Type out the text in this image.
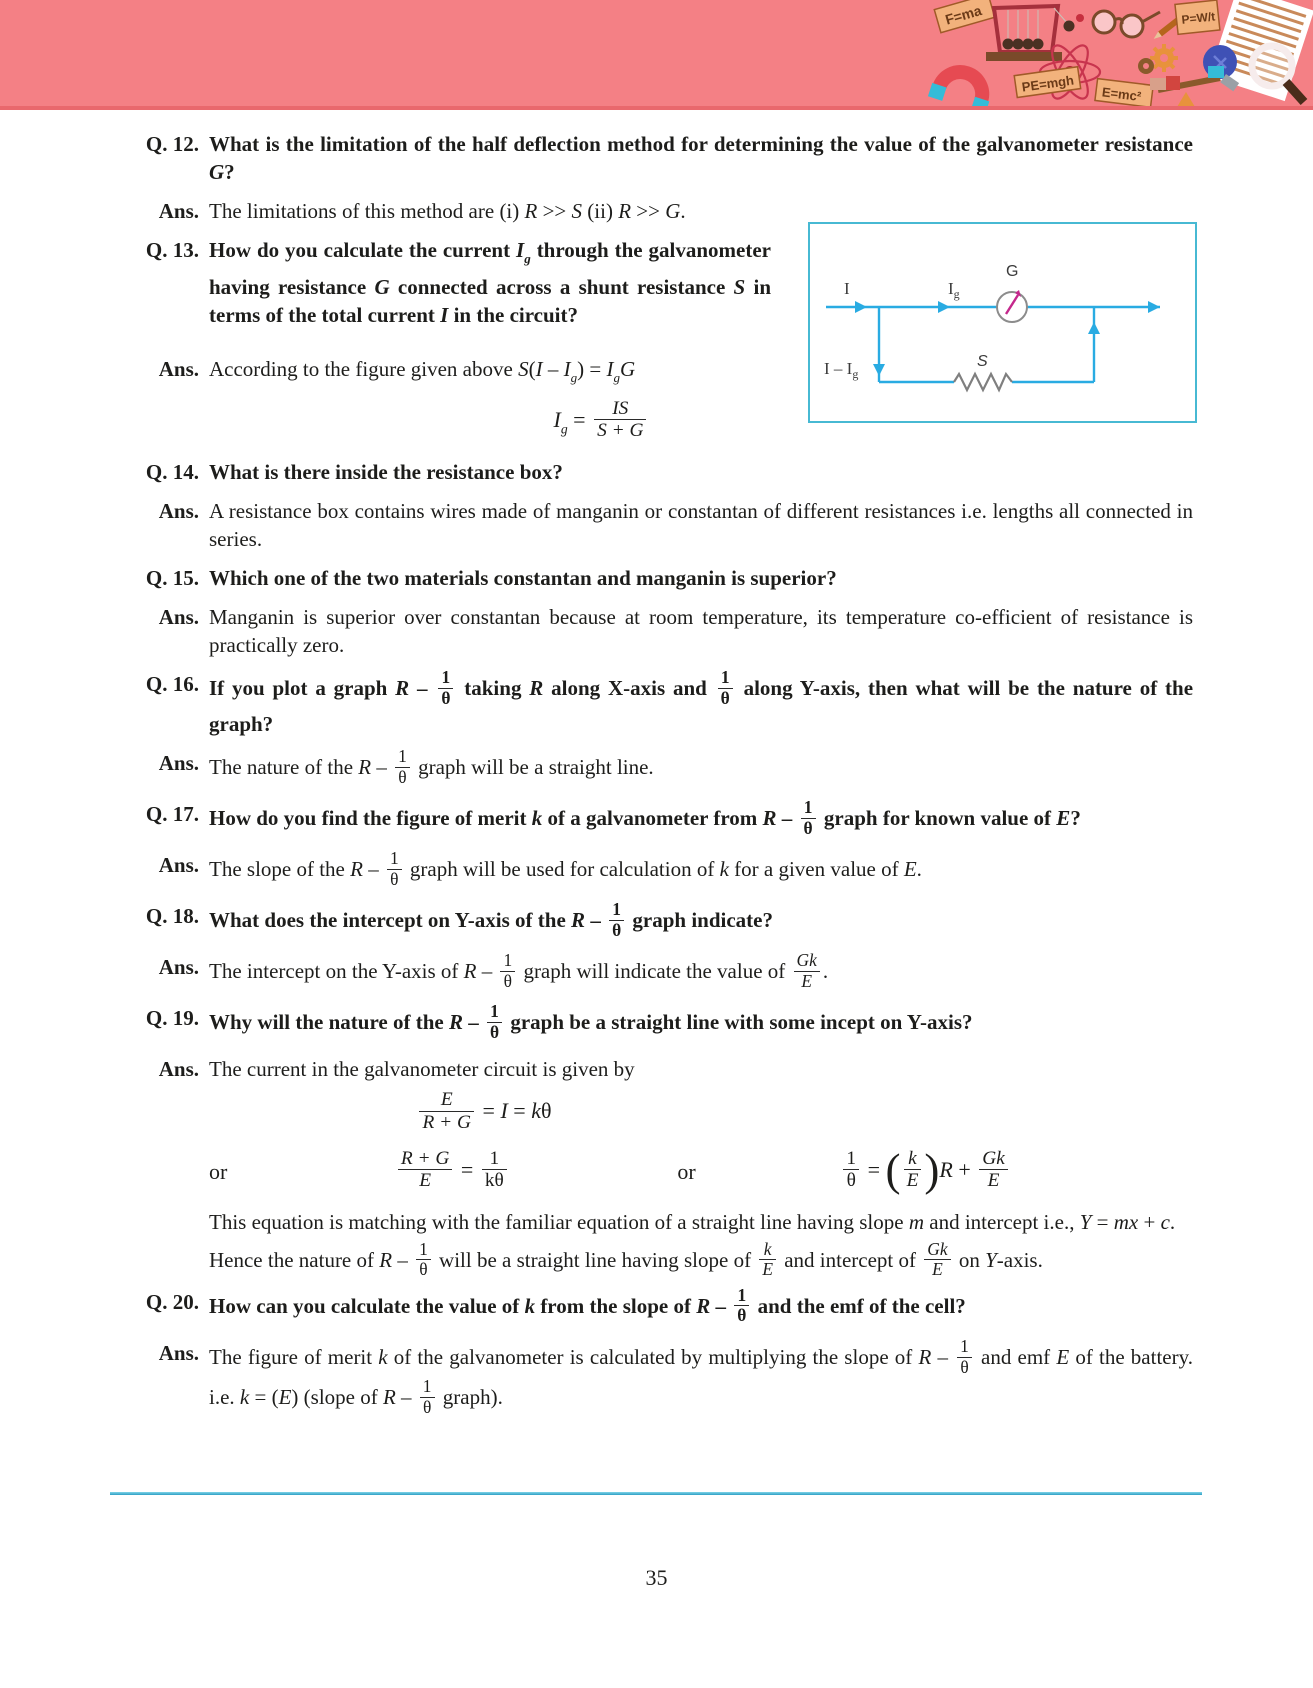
F=ma	P=W/t
PE=mgh E=mc²
I	$I_g$
G
S
I – $I_g$
Q. 12. What is the limitation of the half deflection method for determining the value of the galvanometer resistance G?
Ans. The limitations of this method are (i) R >> S (ii) R >> G.
Q. 13. How do you calculate the current $I_g$ through the galvanometer having resistance G connected across a shunt resistance S in terms of the total current I in the circuit?
Ans. According to the figure given above $S(I - I_g) = I_gG$
$I_g = \frac{IS}{S + G}$
Q. 14. What is there inside the resistance box?
Ans. A resistance box contains wires made of manganin or constantan of different resistances i.e. lengths all connected in series.
Q. 15. Which one of the two materials constantan and manganin is superior?
Ans. Manganin is superior over constantan because at room temperature, its temperature co-efficient of resistance is practically zero.
Q. 16. If you plot a graph R – $\frac{1}{\theta}$ taking R along X-axis and $\frac{1}{\theta}$ along Y-axis, then what will be the nature of the graph?
Ans. The nature of the R – $\frac{1}{\theta}$ graph will be a straight line.
Q. 17. How do you find the figure of merit k of a galvanometer from R – $\frac{1}{\theta}$ graph for known value of E?
Ans. The slope of the R – $\frac{1}{\theta}$ graph will be used for calculation of k for a given value of E.
Q. 18. What does the intercept on Y-axis of the R – $\frac{1}{\theta}$ graph indicate?
Ans. The intercept on the Y-axis of R – $\frac{1}{\theta}$ graph will indicate the value of $\frac{Gk}{E}$ .
Q. 19. Why will the nature of the R – $\frac{1}{\theta}$ graph be a straight line with some incept on Y-axis?
Ans. The current in the galvanometer circuit is given by
$\frac{E}{R + G} = I = k\theta$
or	$\frac{R + G}{E} = \frac{1}{k\theta}$	or	$\frac{1}{\theta}$ = ( $\frac{k}{E} )R + \frac{Gk}{E}$
This equation is matching with the familiar equation of a straight line having slope m and intercept i.e., Y = mx + c.
Hence the nature of R – $\frac{1}{\theta}$ will be a straight line having slope of $\frac{k}{E}$ and intercept of $\frac{Gk}{E}$ on Y-axis.
Q. 20. How can you calculate the value of k from the slope of R – $\frac{1}{\theta}$ and the emf of the cell?
Ans. The figure of merit k of the galvanometer is calculated by multiplying the slope of R – $\frac{1}{\theta}$ and emf E of the battery. i.e. k = (E) (slope of R – $\frac{1}{\theta}$ graph).
35
